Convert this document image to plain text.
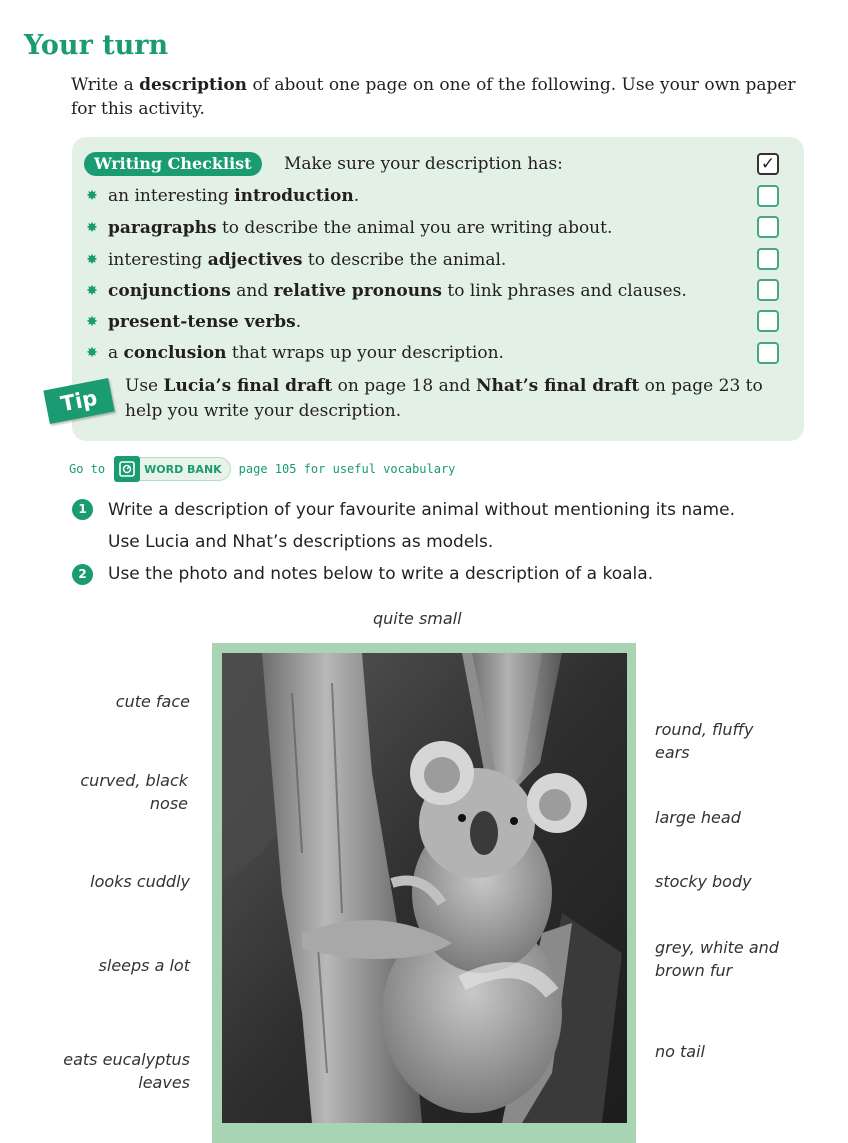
Your turn

Write a description of about one page on one of the following. Use your own paper for this activity.

Writing Checklist	Make sure your description has:	✓
✸ an interesting introduction.
✸ paragraphs to describe the animal you are writing about.
✸ interesting adjectives to describe the animal.
✸ conjunctions and relative pronouns to link phrases and clauses.
✸ present-tense verbs.
✸ a conclusion that wraps up your description.
Tip	Use Lucia’s final draft on page 18 and Nhat’s final draft on page 23 to help you write your description.
Go to	WORD BANK page 105 for useful vocabulary
1	Write a description of your favourite animal without mentioning its name.
Use Lucia and Nhat’s descriptions as models.
2	Use the photo and notes below to write a description of a koala.
quite small
cute face
curved, black
nose
looks cuddly
sleeps a lot
eats eucalyptus
leaves
round, fluffy
ears
large head
stocky body
grey, white and
brown fur
no tail
